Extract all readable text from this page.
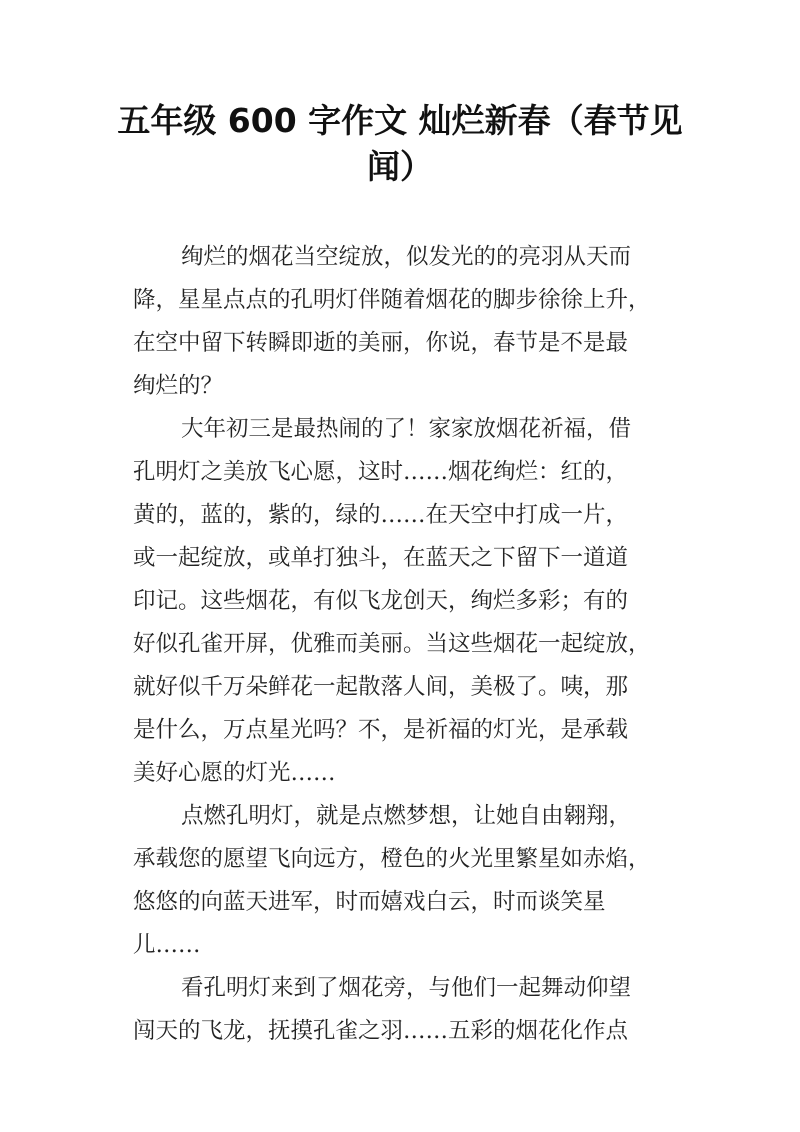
五年级 600 字作文 灿烂新春（春节见
闻）
绚烂的烟花当空绽放，似发光的的亮羽从天而
降，星星点点的孔明灯伴随着烟花的脚步徐徐上升，
在空中留下转瞬即逝的美丽，你说，春节是不是最
绚烂的？
大年初三是最热闹的了！家家放烟花祈福，借
孔明灯之美放飞心愿，这时……烟花绚烂：红的，
黄的，蓝的，紫的，绿的……在天空中打成一片，
或一起绽放，或单打独斗，在蓝天之下留下一道道
印记。这些烟花，有似飞龙创天，绚烂多彩；有的
好似孔雀开屏，优雅而美丽。当这些烟花一起绽放，
就好似千万朵鲜花一起散落人间，美极了。咦，那
是什么，万点星光吗？不，是祈福的灯光，是承载
美好心愿的灯光……
点燃孔明灯，就是点燃梦想，让她自由翱翔，
承载您的愿望飞向远方，橙色的火光里繁星如赤焰，
悠悠的向蓝天进军，时而嬉戏白云，时而谈笑星
儿……
看孔明灯来到了烟花旁，与他们一起舞动仰望
闯天的飞龙，抚摸孔雀之羽……五彩的烟花化作点
